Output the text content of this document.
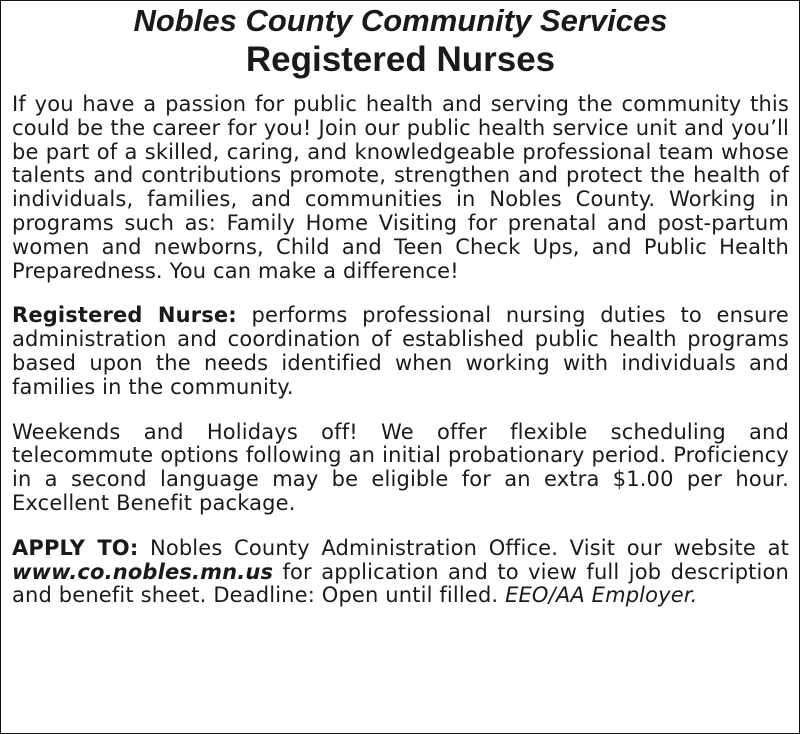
Nobles County Community Services
Registered Nurses

If you have a passion for public health and serving the community this could be the career for you! Join our public health service unit and you’ll be part of a skilled, caring, and knowledgeable professional team whose talents and contributions promote, strengthen and protect the health of individuals, families, and communities in Nobles County. Working in programs such as: Family Home Visiting for prenatal and post-partum women and newborns, Child and Teen Check Ups, and Public Health Preparedness. You can make a difference!

Registered Nurse: performs professional nursing duties to ensure administration and coordination of established public health programs based upon the needs identified when working with individuals and families in the community.

Weekends and Holidays off! We offer flexible scheduling and telecommute options following an initial probationary period. Proficiency in a second language may be eligible for an extra $1.00 per hour. Excellent Benefit package.

APPLY TO: Nobles County Administration Office. Visit our website at www.co.nobles.mn.us for application and to view full job description and benefit sheet. Deadline: Open until filled. EEO/AA Employer.
